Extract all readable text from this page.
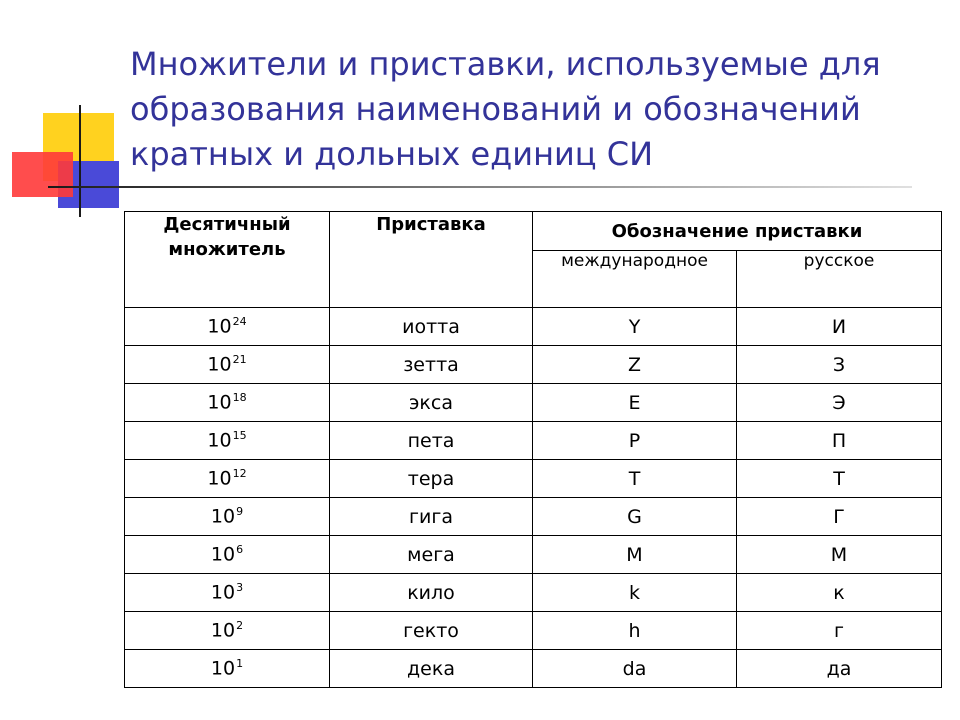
Множители и приставки, используемые для образования наименований и обозначений кратных и дольных единиц СИ
Десятичный множитель	Приставка	Обозначение приставки	
		международное	русское
$10^{24}$	иотта	Y	И
$10^{21}$	зетта	Z	З
$10^{18}$	экса	E	Э
$10^{15}$	пета	P	П
$10^{12}$	тера	T	Т
$10^9$	гига	G	Г
$10^6$	мега	M	М
$10^3$	кило	k	к
$10^2$	гекто	h	г
$10^1$	дека	da	да
